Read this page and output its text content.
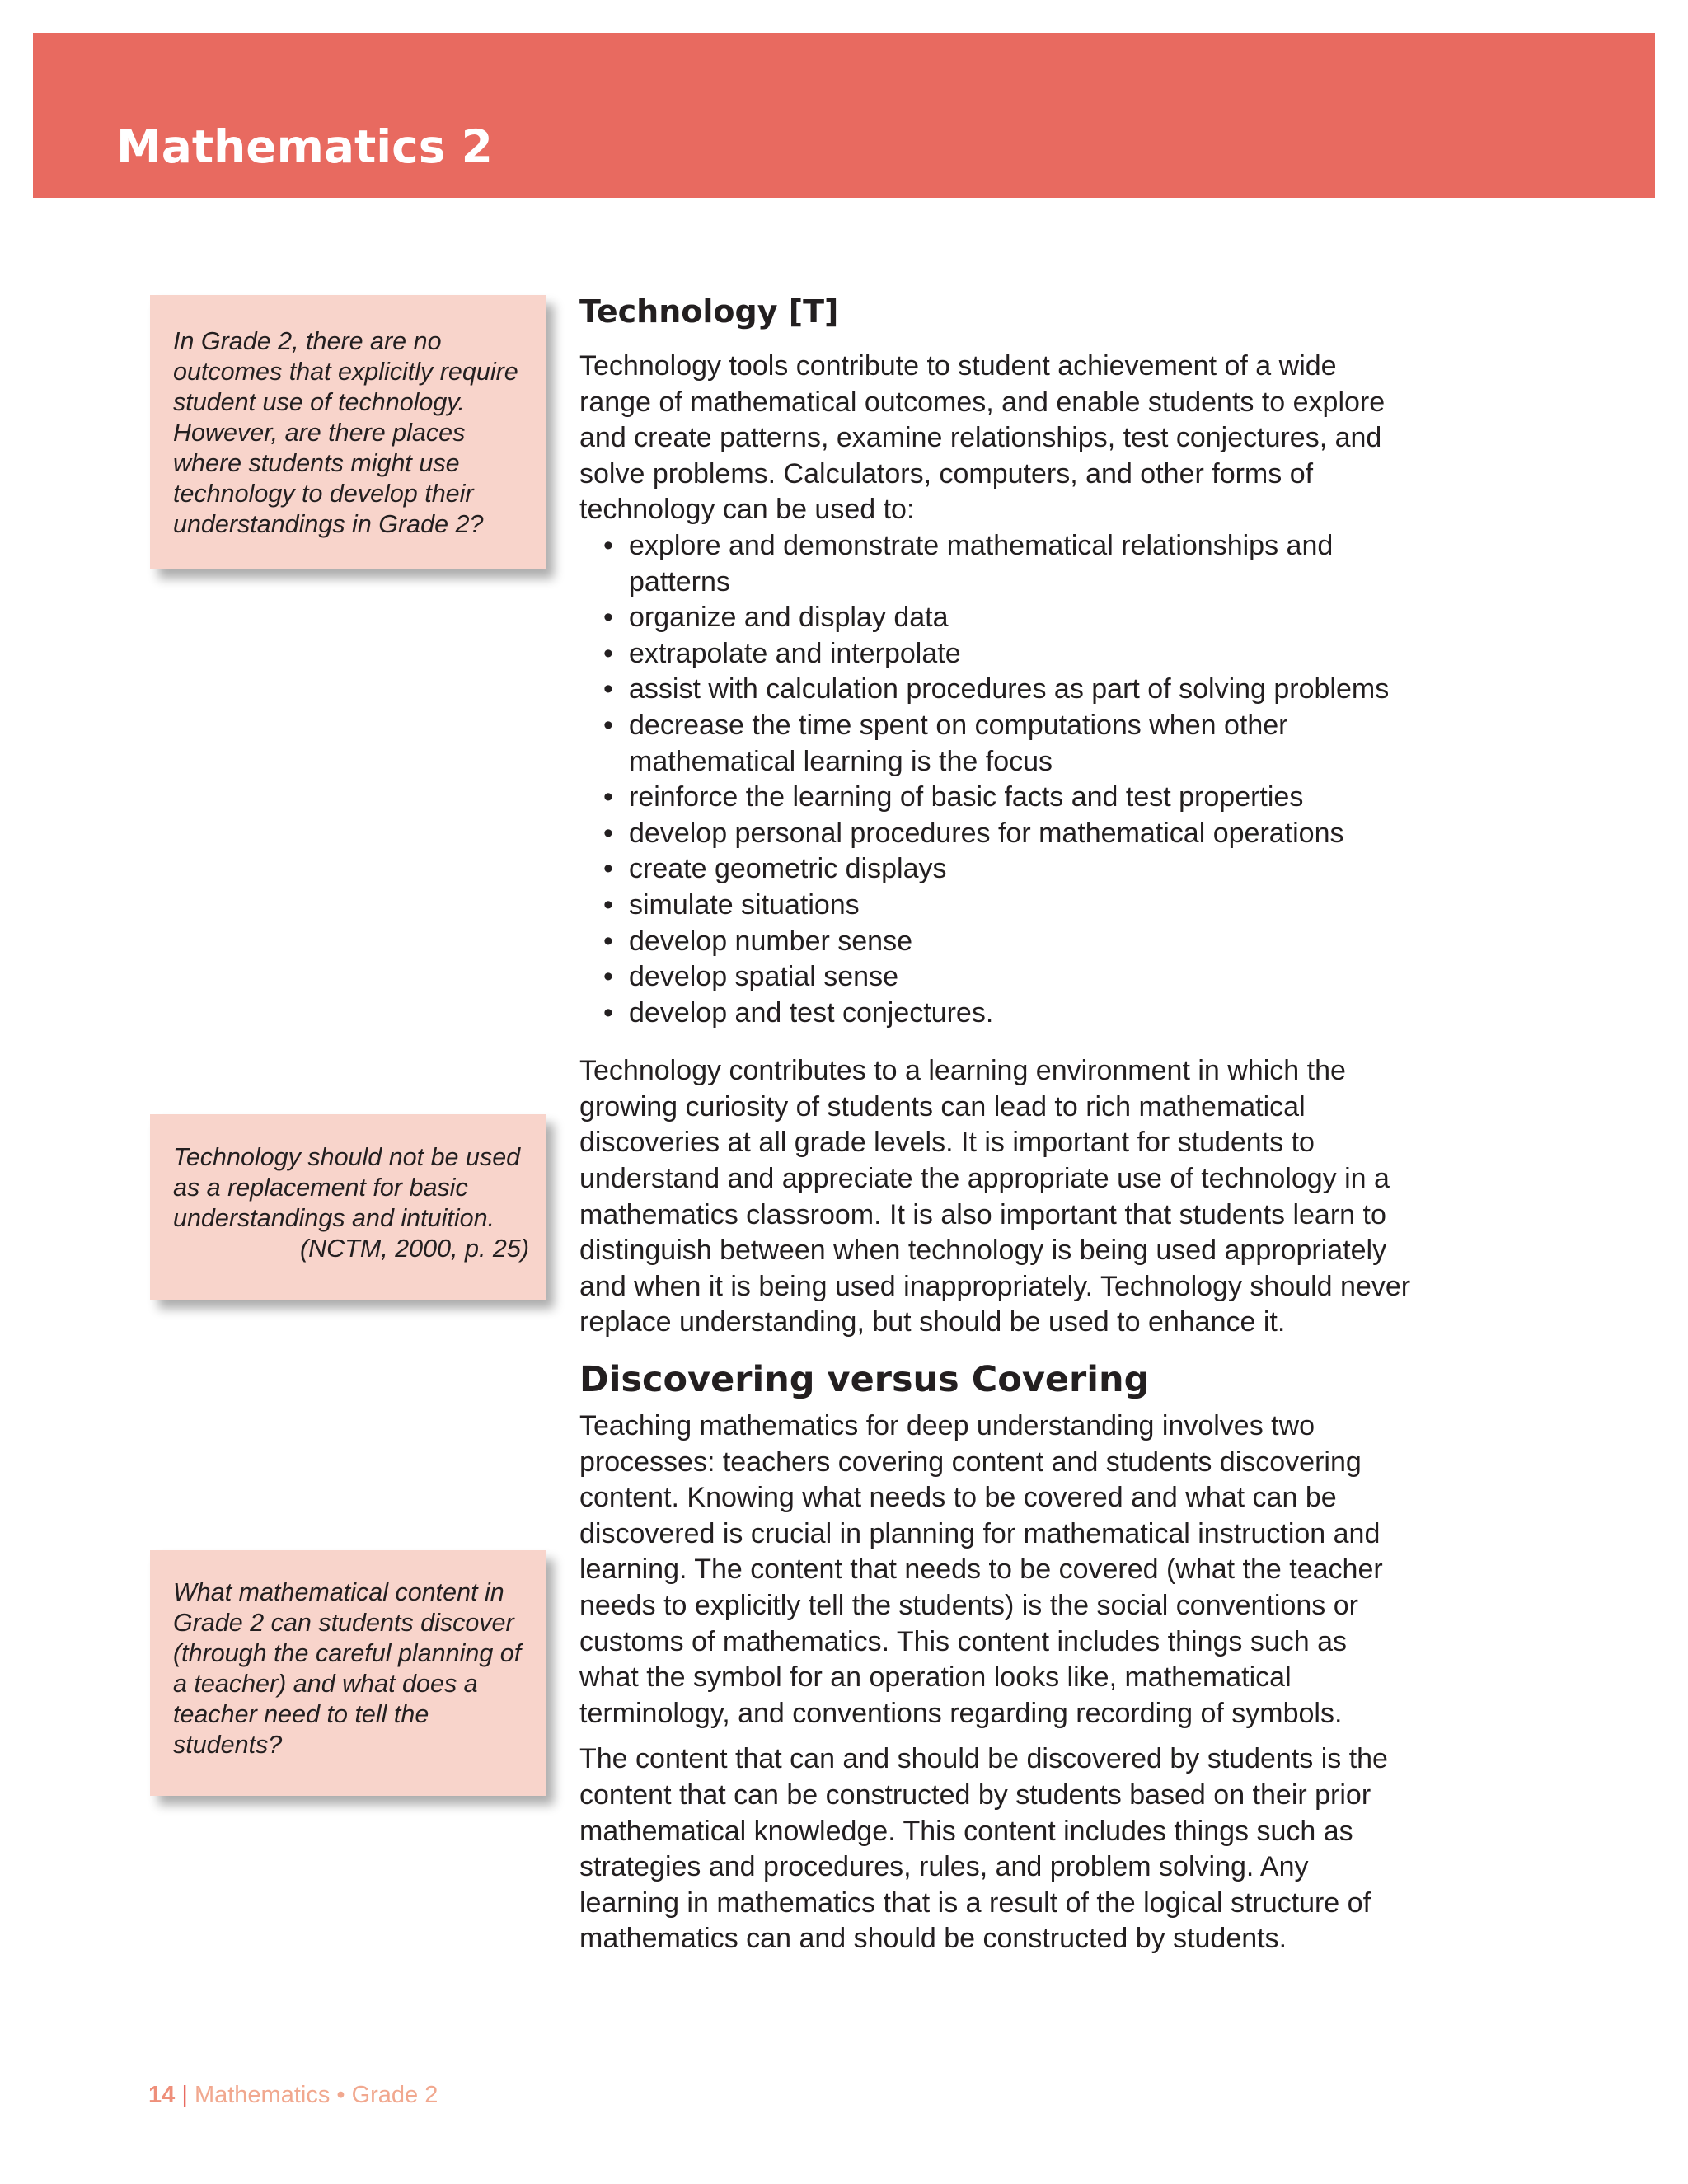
Mathematics 2

In Grade 2, there are no outcomes that explicitly require student use of technology. However, are there places where students might use technology to develop their understandings in Grade 2?

Technology should not be used as a replacement for basic understandings and intuition.

(NCTM, 2000, p. 25)

What mathematical content in Grade 2 can students discover (through the careful planning of a teacher) and what does a teacher need to tell the students?

Technology [T]

Technology tools contribute to student achievement of a wide range of mathematical outcomes, and enable students to explore and create patterns, examine relationships, test conjectures, and solve problems. Calculators, computers, and other forms of technology can be used to:

• explore and demonstrate mathematical relationships and patterns
• organize and display data
• extrapolate and interpolate
• assist with calculation procedures as part of solving problems
• decrease the time spent on computations when other mathematical learning is the focus
• reinforce the learning of basic facts and test properties
• develop personal procedures for mathematical operations
• create geometric displays
• simulate situations
• develop number sense
• develop spatial sense
• develop and test conjectures.

Technology contributes to a learning environment in which the growing curiosity of students can lead to rich mathematical discoveries at all grade levels. It is important for students to understand and appreciate the appropriate use of technology in a mathematics classroom. It is also important that students learn to distinguish between when technology is being used appropriately and when it is being used inappropriately. Technology should never replace understanding, but should be used to enhance it.

Discovering versus Covering

Teaching mathematics for deep understanding involves two processes: teachers covering content and students discovering content. Knowing what needs to be covered and what can be discovered is crucial in planning for mathematical instruction and learning. The content that needs to be covered (what the teacher needs to explicitly tell the students) is the social conventions or customs of mathematics. This content includes things such as what the symbol for an operation looks like, mathematical terminology, and conventions regarding recording of symbols.

The content that can and should be discovered by students is the content that can be constructed by students based on their prior mathematical knowledge. This content includes things such as strategies and procedures, rules, and problem solving. Any learning in mathematics that is a result of the logical structure of mathematics can and should be constructed by students.

14 | Mathematics • Grade 2
